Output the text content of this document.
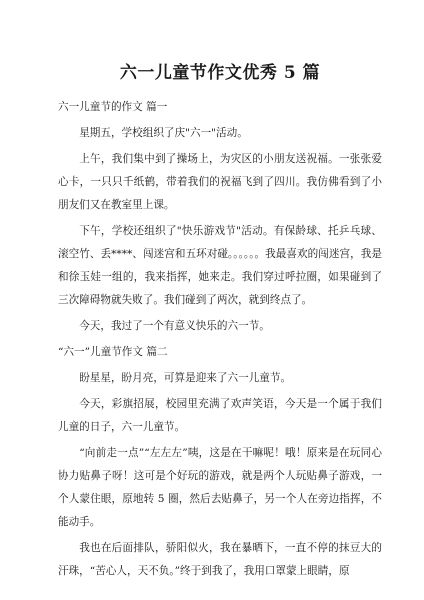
六一儿童节作文优秀 5 篇

六一儿童节的作文 篇一

星期五，学校组织了庆"六一"活动。

上午，我们集中到了操场上，为灾区的小朋友送祝福。一张张爱心卡，一只只千纸鹤，带着我们的祝福飞到了四川。我仿佛看到了小朋友们又在教室里上课。

下午，学校还组织了"快乐游戏节"活动。有保龄球、托乒乓球、滚空竹、丢****、闯迷宫和五环对碰。。。。。。我最喜欢的闯迷宫，我是和徐玉娃一组的，我来指挥，她来走。我们穿过呼拉圈，如果碰到了三次障碍物就失败了。我们碰到了两次，就到终点了。

今天，我过了一个有意义快乐的六一节。

“六一”儿童节作文 篇二

盼星星，盼月亮，可算是迎来了六一儿童节。

今天，彩旗招展，校园里充满了欢声笑语，今天是一个属于我们儿童的日子，六一儿童节。

“向前走一点”“左左左”咦，这是在干嘛呢！哦！原来是在玩同心协力贴鼻子呀！这可是个好玩的游戏，就是两个人玩贴鼻子游戏，一个人蒙住眼，原地转 5 圈，然后去贴鼻子，另一个人在旁边指挥，不能动手。

我也在后面排队，骄阳似火，我在暴晒下，一直不停的抹豆大的汗珠，“苦心人，天不负。”终于到我了，我用口罩蒙上眼睛，原
